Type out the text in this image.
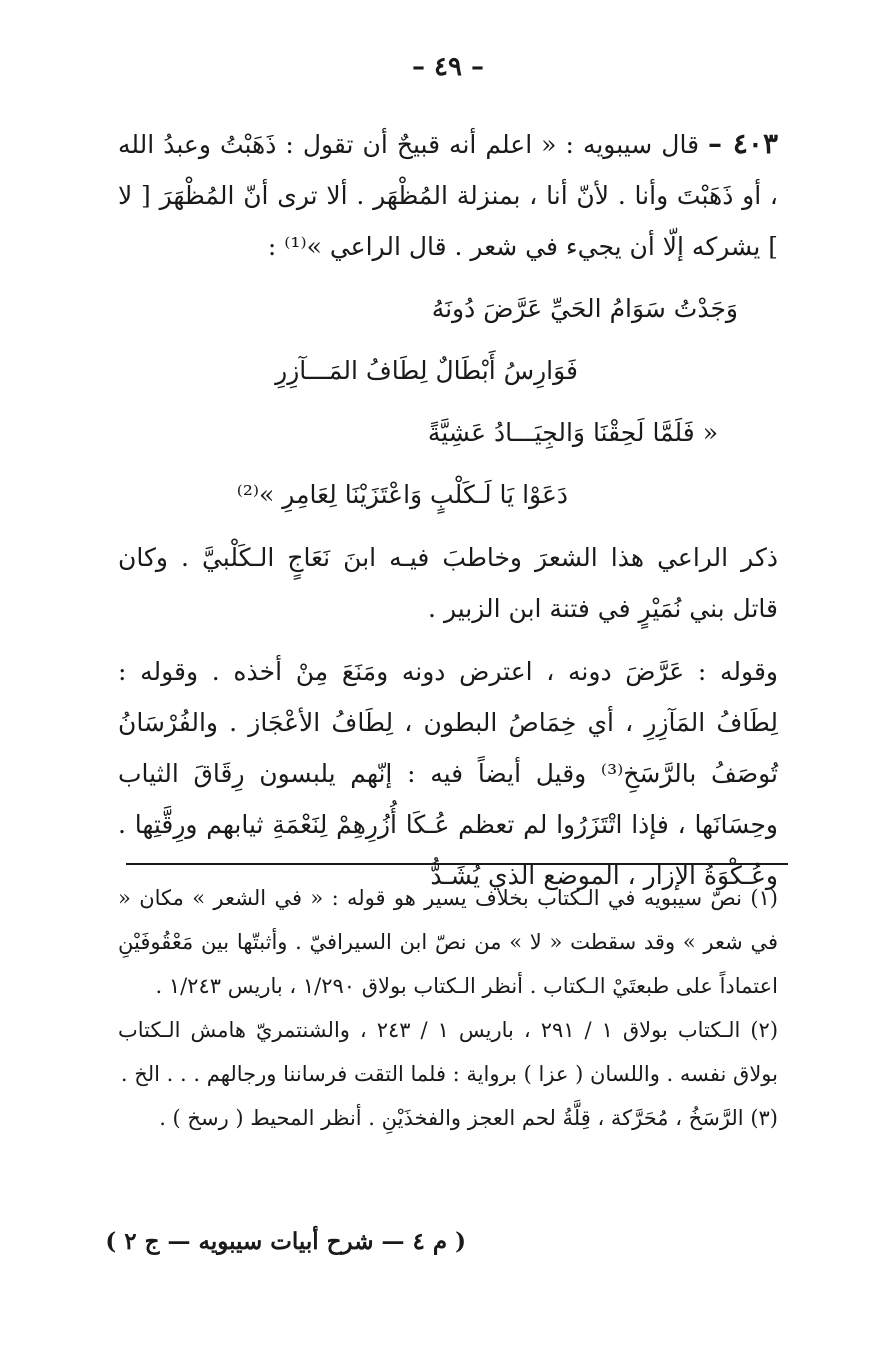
– ٤٩ –

٤٠٣ – قال سيبويه : « اعلم أنه قبيحٌ أن تقول : ذَهَبْتُ وعبدُ الله ، أو ذَهَبْتَ وأنا . لأنّ أنا ، بمنزلة المُظْهَر . ألا ترى أنّ المُظْهَرَ [ لا ] يشركه إلّا أن يجيء في شعر . قال الراعي »⁽¹⁾ :

وَجَدْتُ سَوَامُ الحَيِّ عَرَّضَ دُونَهُ

فَوَارِسُ أَبْطَالٌ لِطَافُ المَـــآزِرِ

« فَلَمَّا لَحِقْنَا وَالجِيَـــادُ عَشِيَّةً

دَعَوْا يَا لَـكَلْبٍ وَاعْتَزَيْنَا لِعَامِرِ »⁽²⁾

ذكر الراعي هذا الشعرَ وخاطبَ فيـه ابنَ نَعَاجٍ الـكَلْبيَّ . وكان قاتل بني نُمَيْرٍ في فتنة ابن الزبير .

وقوله : عَرَّضَ دونه ، اعترض دونه ومَنَعَ مِنْ أخذه . وقوله : لِطَافُ المَآزِرِ ، أي خِمَاصُ البطون ، لِطَافُ الأعْجَاز . والفُرْسَانُ تُوصَفُ بالرَّسَخِ⁽³⁾ وقيل أيضاً فيه : إنّهم يلبسون رِقَاقَ الثياب وحِسَانَها ، فإذا اتْتَزَرُوا لم تعظم عُـكَا أُزُرِهِمْ لِنَعْمَةِ ثيابهم ورِقَّتِها . وعُـكْوَةُ الإزار ، الموضع الذي يُشَـدُّ

(١) نصّ سيبويه في الـكتاب بخلاف يسير هو قوله : « في الشعر » مكان « في شعر » وقد سقطت « لا » من نصّ ابن السيرافيّ . وأثبتّها بين مَعْقُوفَيْنِ اعتماداً على طبعتَيْ الـكتاب . أنظر الـكتاب بولاق ١/٢٩٠ ، باريس ١/٢٤٣ .

(٢) الـكتاب بولاق ١ / ٢٩١ ، باريس ١ / ٢٤٣ ، والشنتمريّ هامش الـكتاب بولاق نفسه . واللسان ( عزا ) برواية : فلما التقت فرساننا ورجالهم . . . الخ .

(٣) الرَّسَخُ ، مُحَرَّكة ، قِلَّةُ لحم العجز والفخذَيْنِ . أنظر المحيط ( رسخ ) .

( م ٤ — شرح أبيات سيبويه — ج ٢ )
